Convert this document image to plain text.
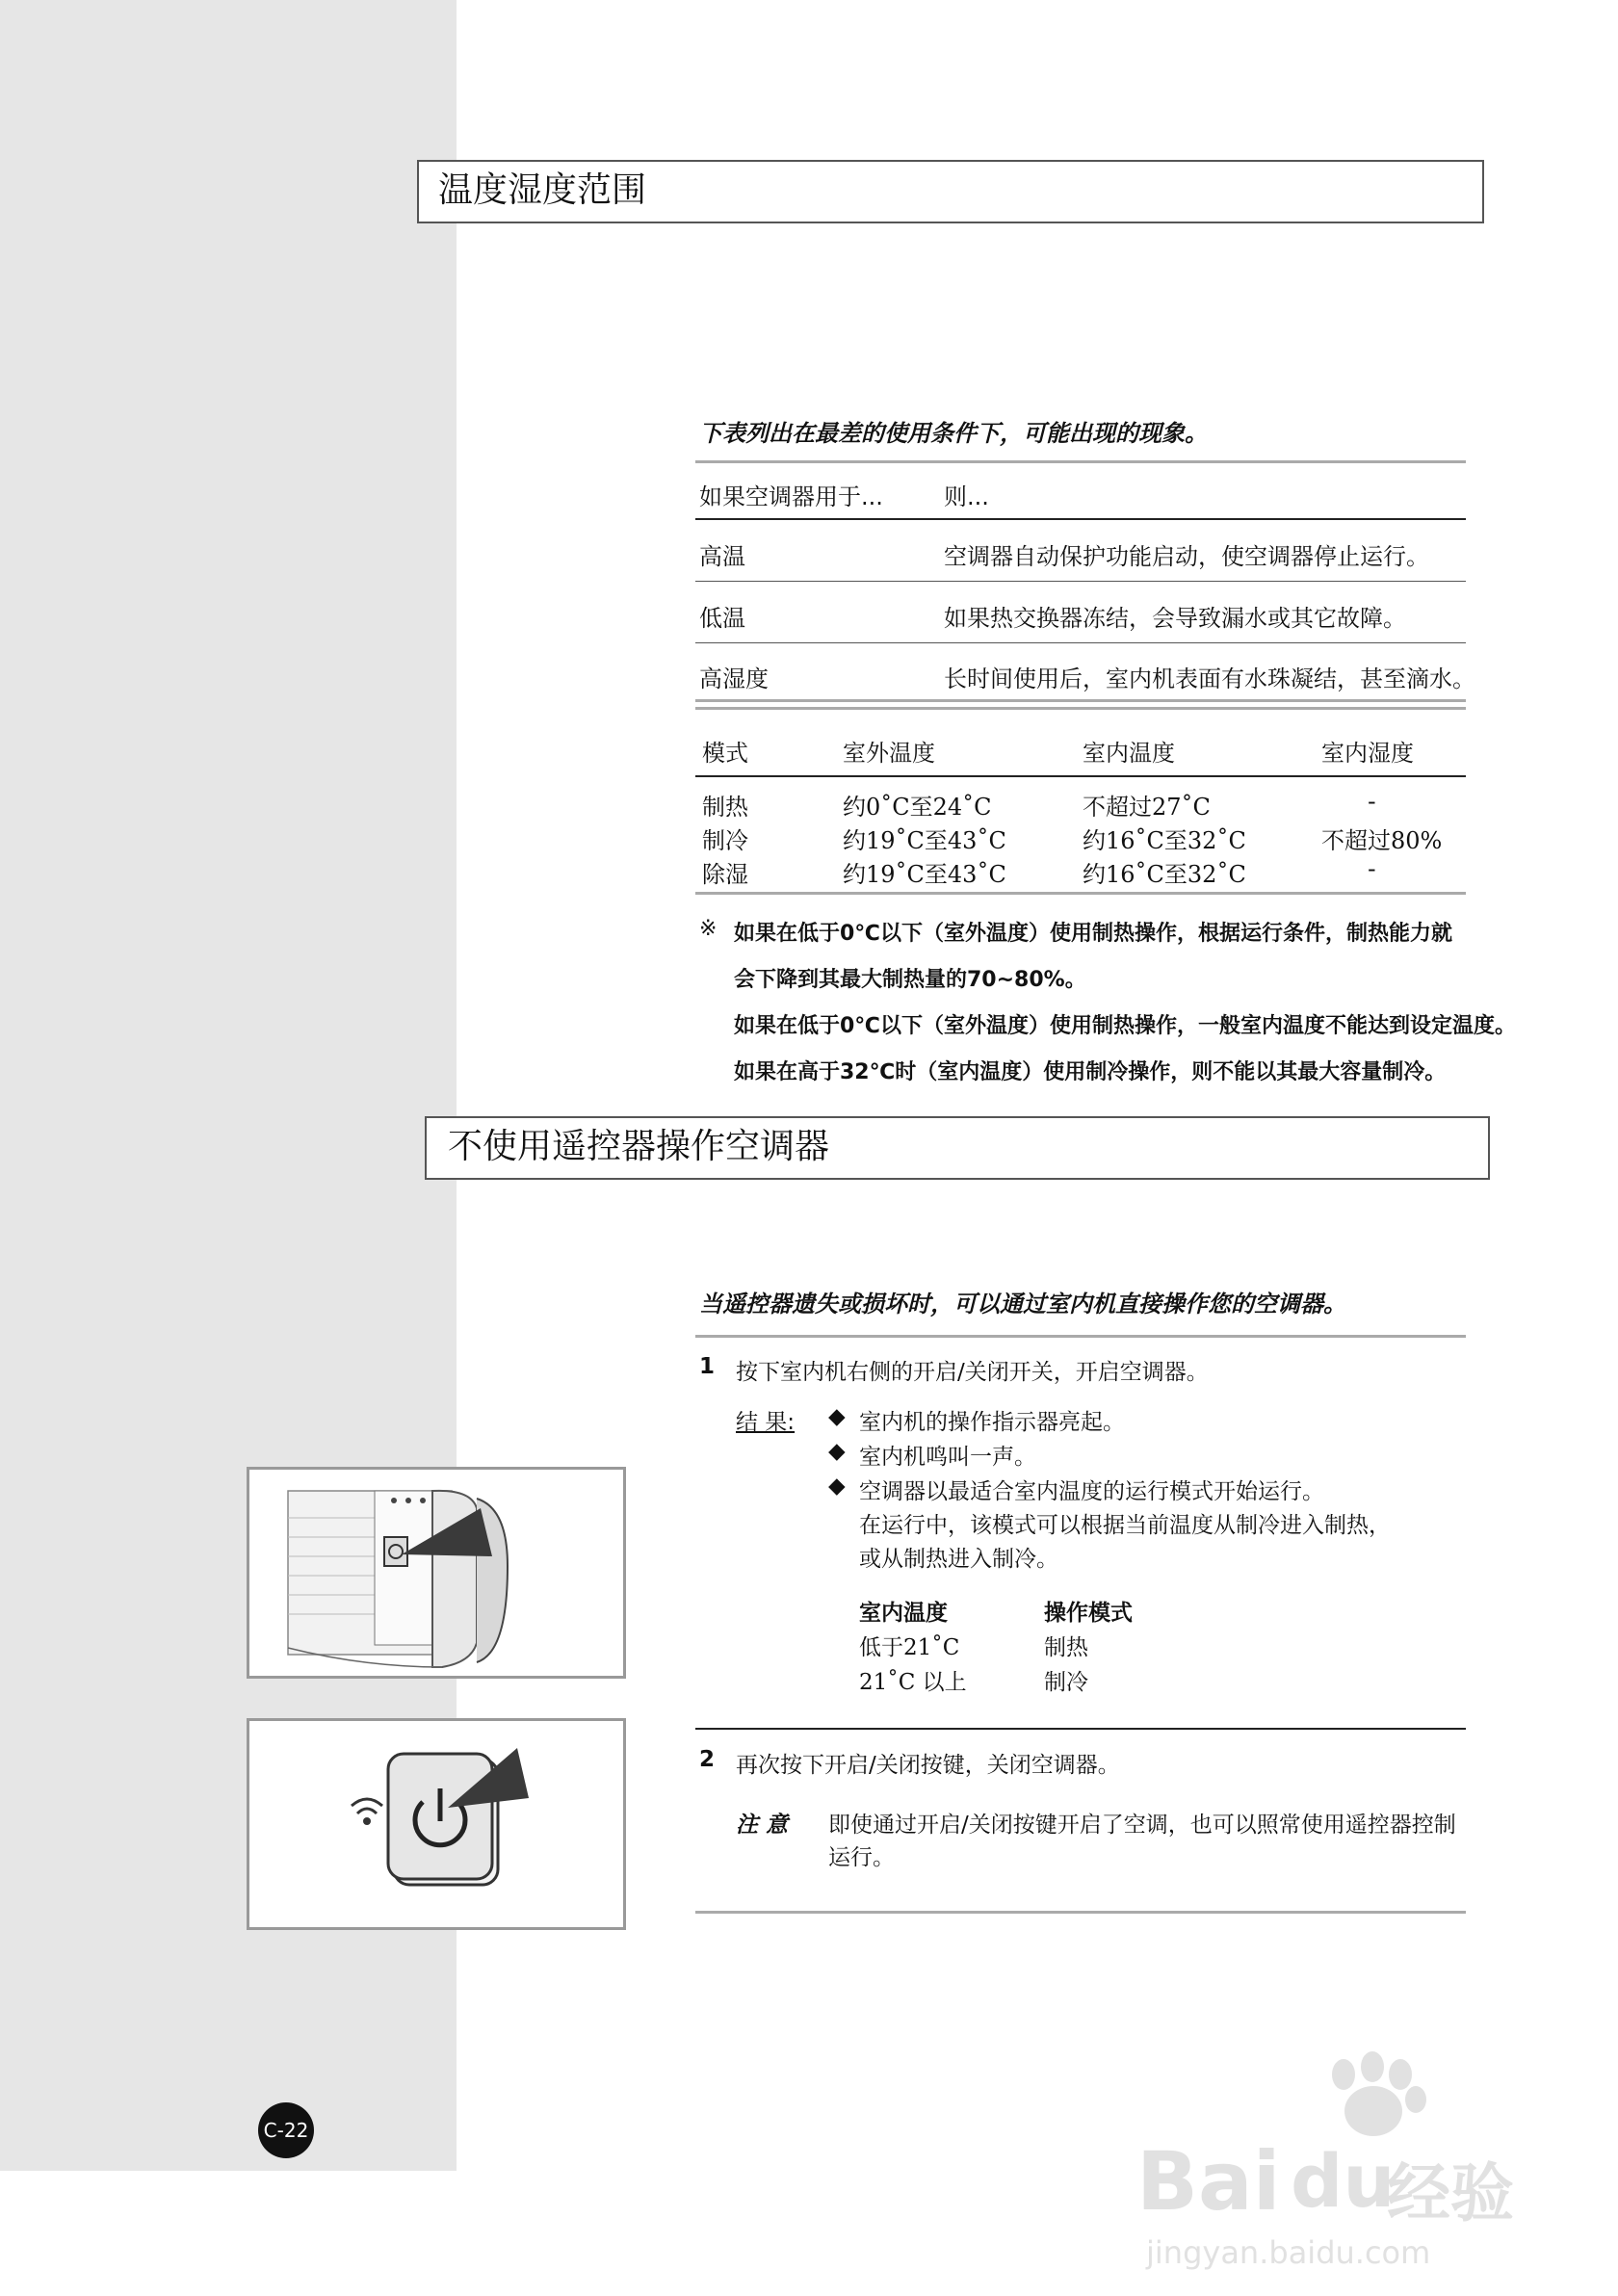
温度湿度范围
下表列出在最差的使用条件下，可能出现的现象。
如果空调器用于...	则...
高温	空调器自动保护功能启动，使空调器停止运行。
低温	如果热交换器冻结，会导致漏水或其它故障。
高湿度	长时间使用后，室内机表面有水珠凝结，甚至滴水。
模式	室外温度	室内温度	室内湿度
制热	约0˚C至24˚C	不超过27˚C	-
制冷	约19˚C至43˚C	约16˚C至32˚C	不超过80%
除湿	约19˚C至43˚C	约16˚C至32˚C	-
※ 如果在低于0℃以下（室外温度）使用制热操作，根据运行条件，制热能力就
会下降到其最大制热量的70~80%。
如果在低于0℃以下（室外温度）使用制热操作，一般室内温度不能达到设定温度。
如果在高于32℃时（室内温度）使用制冷操作，则不能以其最大容量制冷。
不使用遥控器操作空调器
当遥控器遗失或损坏时，可以通过室内机直接操作您的空调器。
1 按下室内机右侧的开启/关闭开关，开启空调器。
结 果: ◆ 室内机的操作指示器亮起。
◆ 室内机鸣叫一声。
◆ 空调器以最适合室内温度的运行模式开始运行。
在运行中，该模式可以根据当前温度从制冷进入制热，
或从制热进入制冷。
室内温度	操作模式
低于21˚C	制热
21˚C 以上	制冷
2 再次按下开启/关闭按键，关闭空调器。
注 意 即使通过开启/关闭按键开启了空调，也可以照常使用遥控器控制
运行。
C-22
Bai du
经验
jingyan.baidu.com
